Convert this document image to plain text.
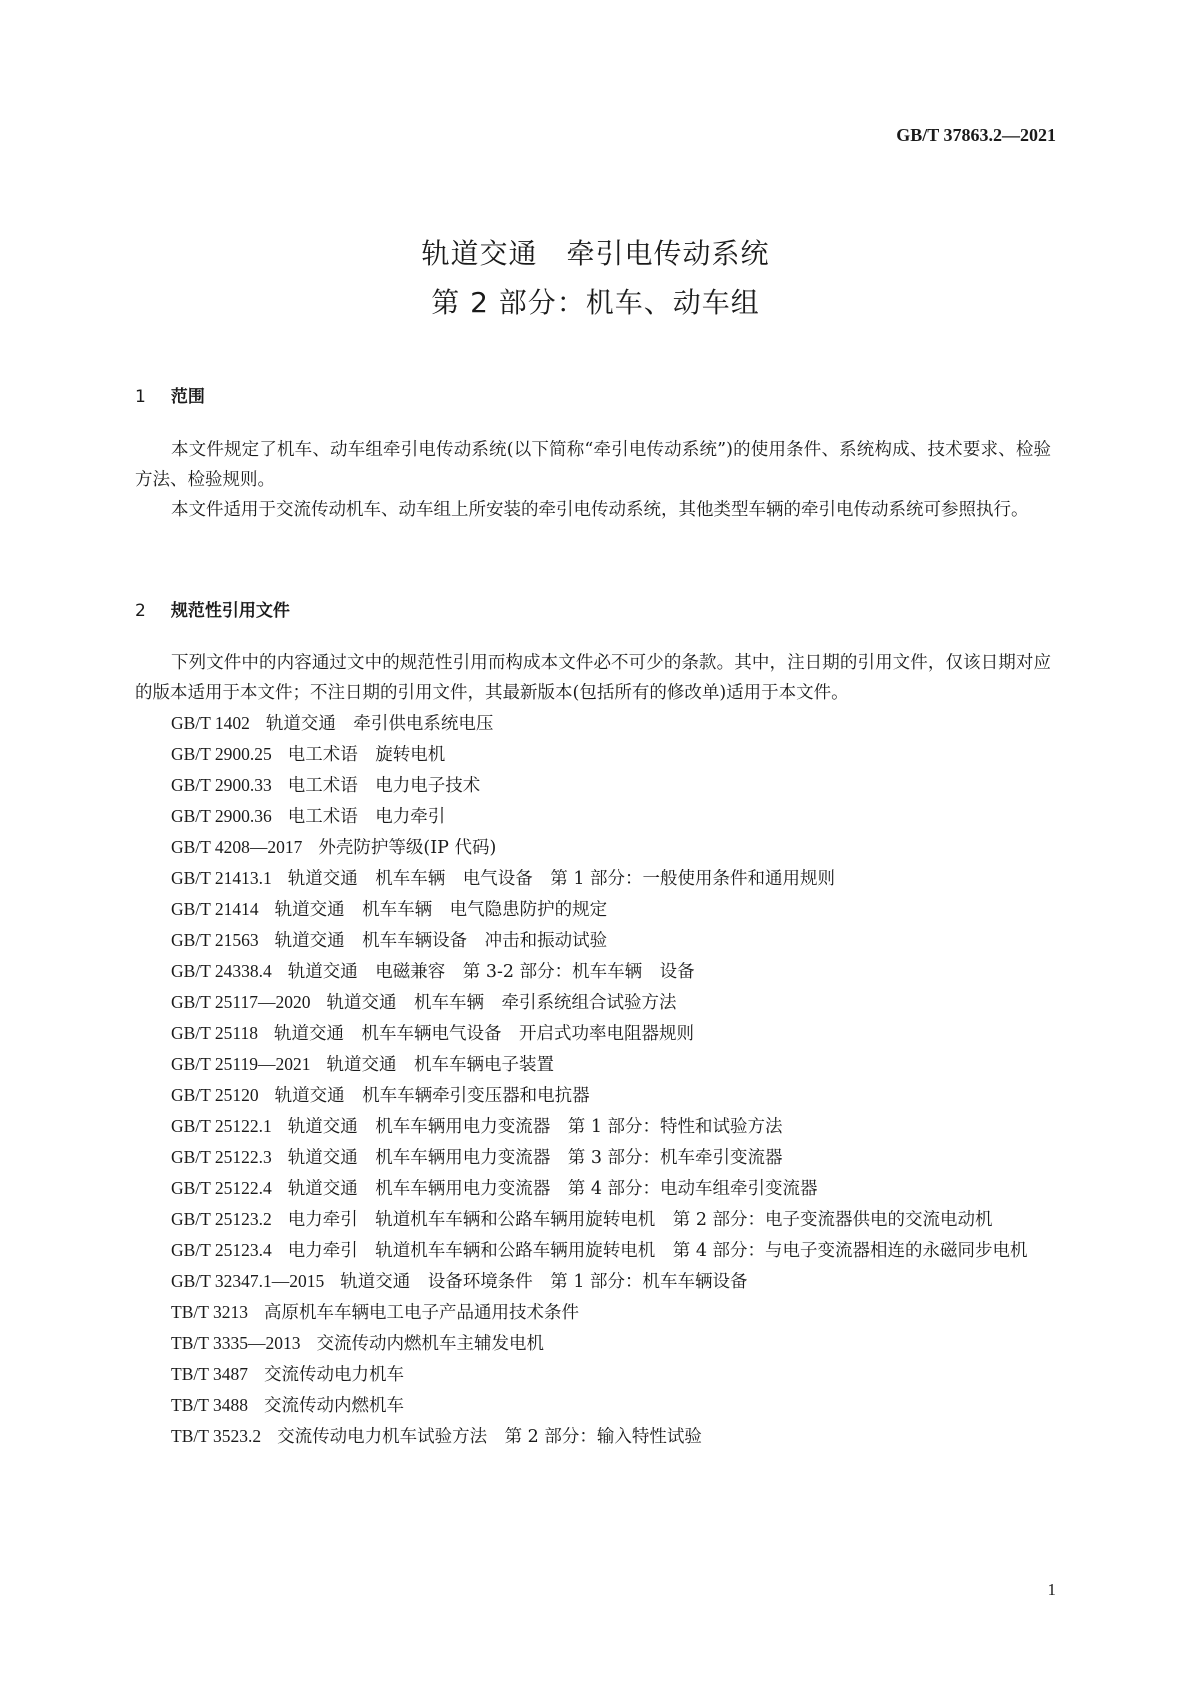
GB/T 37863.2—2021
轨道交通　牵引电传动系统
第 2 部分：机车、动车组
1 范围

本文件规定了机车、动车组牵引电传动系统(以下简称“牵引电传动系统”)的使用条件、系统构成、技术要求、检验方法、检验规则。

本文件适用于交流传动机车、动车组上所安装的牵引电传动系统，其他类型车辆的牵引电传动系统可参照执行。

2 规范性引用文件

下列文件中的内容通过文中的规范性引用而构成本文件必不可少的条款。其中，注日期的引用文件，仅该日期对应的版本适用于本文件；不注日期的引用文件，其最新版本(包括所有的修改单)适用于本文件。

GB/T 1402 轨道交通　牵引供电系统电压
GB/T 2900.25 电工术语　旋转电机
GB/T 2900.33 电工术语　电力电子技术
GB/T 2900.36 电工术语　电力牵引
GB/T 4208—2017 外壳防护等级(IP 代码)
GB/T 21413.1 轨道交通　机车车辆　电气设备　第 1 部分：一般使用条件和通用规则
GB/T 21414 轨道交通　机车车辆　电气隐患防护的规定
GB/T 21563 轨道交通　机车车辆设备　冲击和振动试验
GB/T 24338.4 轨道交通　电磁兼容　第 3-2 部分：机车车辆　设备
GB/T 25117—2020 轨道交通　机车车辆　牵引系统组合试验方法
GB/T 25118 轨道交通　机车车辆电气设备　开启式功率电阻器规则
GB/T 25119—2021 轨道交通　机车车辆电子装置
GB/T 25120 轨道交通　机车车辆牵引变压器和电抗器
GB/T 25122.1 轨道交通　机车车辆用电力变流器　第 1 部分：特性和试验方法
GB/T 25122.3 轨道交通　机车车辆用电力变流器　第 3 部分：机车牵引变流器
GB/T 25122.4 轨道交通　机车车辆用电力变流器　第 4 部分：电动车组牵引变流器
GB/T 25123.2 电力牵引　轨道机车车辆和公路车辆用旋转电机　第 2 部分：电子变流器供电的交流电动机
GB/T 25123.4 电力牵引　轨道机车车辆和公路车辆用旋转电机　第 4 部分：与电子变流器相连的永磁同步电机
GB/T 32347.1—2015 轨道交通　设备环境条件　第 1 部分：机车车辆设备
TB/T 3213 高原机车车辆电工电子产品通用技术条件
TB/T 3335—2013 交流传动内燃机车主辅发电机
TB/T 3487 交流传动电力机车
TB/T 3488 交流传动内燃机车
TB/T 3523.2 交流传动电力机车试验方法　第 2 部分：输入特性试验
1
